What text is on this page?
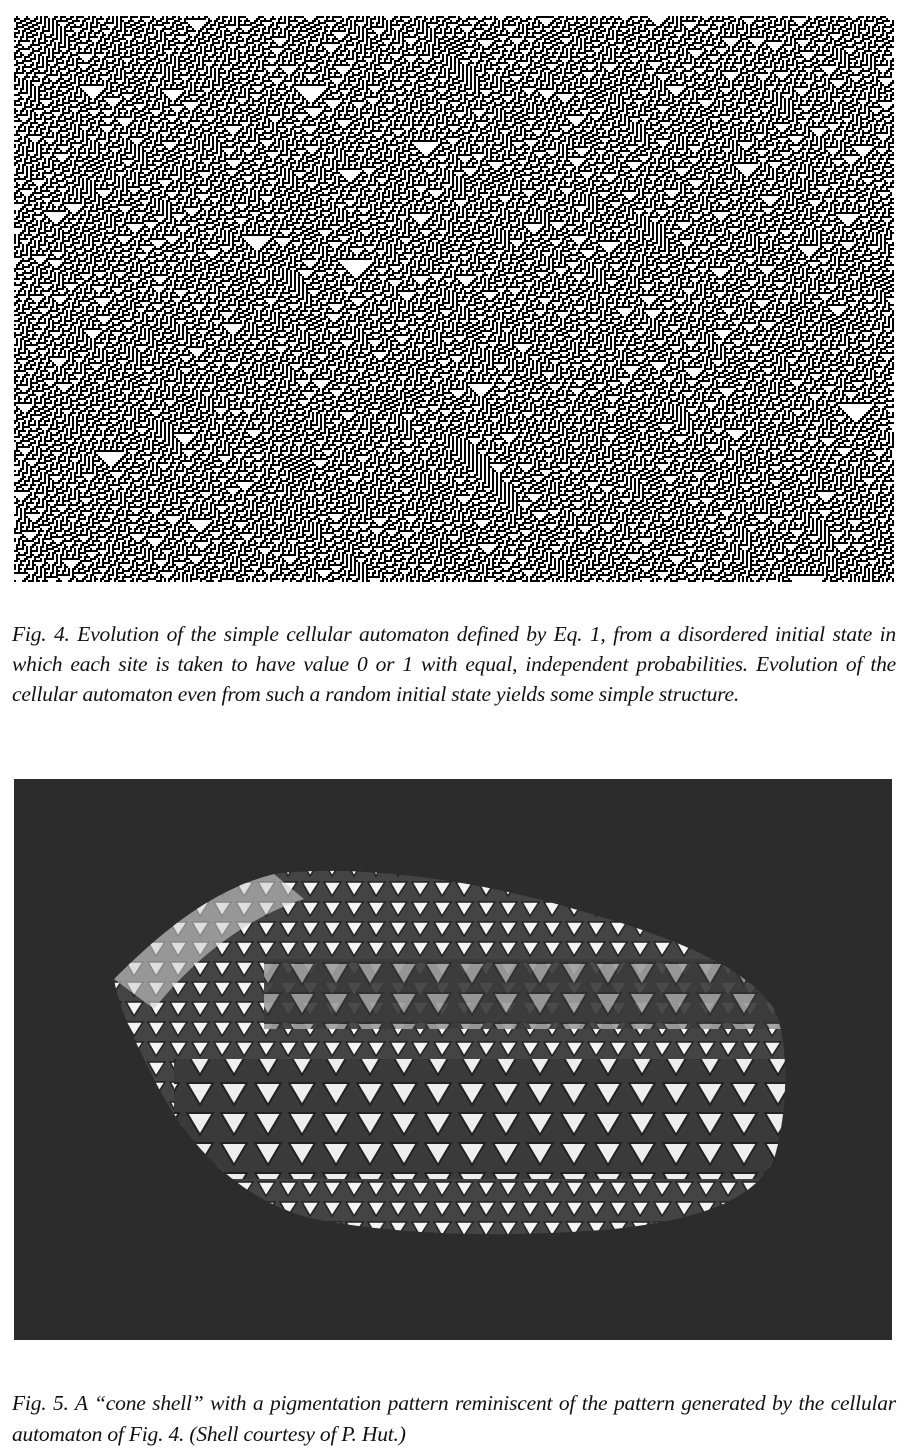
Fig. 4. Evolution of the simple cellular automaton defined by Eq. 1, from a disordered initial state in which each site is taken to have value 0 or 1 with equal, independent probabilities. Evolution of the cellular automaton even from such a random initial state yields some simple structure.

Fig. 5. A “cone shell” with a pigmentation pattern reminiscent of the pattern generated by the cellular automaton of Fig. 4. (Shell courtesy of P. Hut.)
